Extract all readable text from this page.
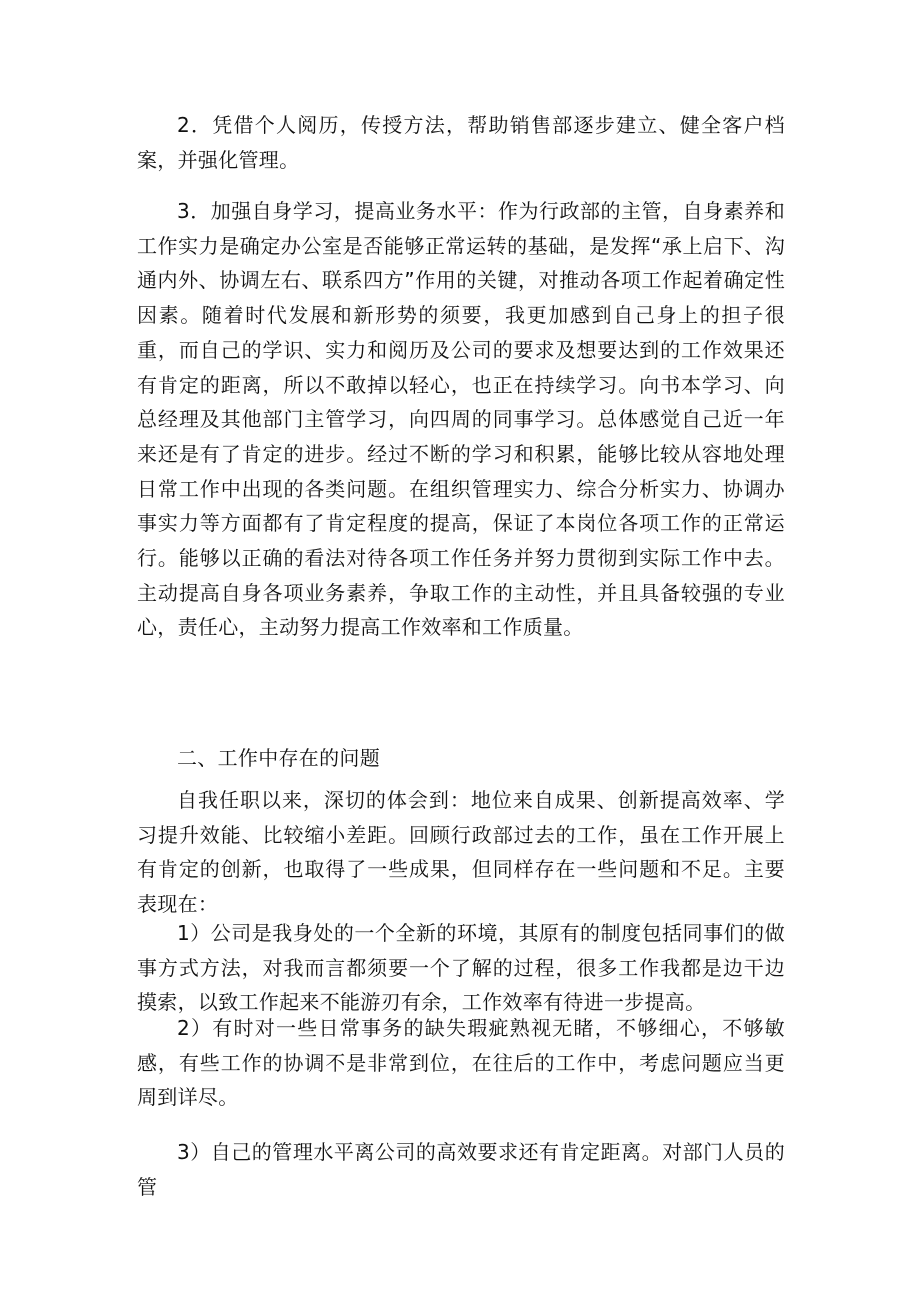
2．凭借个人阅历，传授方法，帮助销售部逐步建立、健全客户档案，并强化管理。

3．加强自身学习，提高业务水平：作为行政部的主管，自身素养和工作实力是确定办公室是否能够正常运转的基础，是发挥“承上启下、沟通内外、协调左右、联系四方”作用的关键，对推动各项工作起着确定性因素。随着时代发展和新形势的须要，我更加感到自己身上的担子很重，而自己的学识、实力和阅历及公司的要求及想要达到的工作效果还有肯定的距离，所以不敢掉以轻心，也正在持续学习。向书本学习、向总经理及其他部门主管学习，向四周的同事学习。总体感觉自己近一年来还是有了肯定的进步。经过不断的学习和积累，能够比较从容地处理日常工作中出现的各类问题。在组织管理实力、综合分析实力、协调办事实力等方面都有了肯定程度的提高，保证了本岗位各项工作的正常运行。能够以正确的看法对待各项工作任务并努力贯彻到实际工作中去。主动提高自身各项业务素养，争取工作的主动性，并且具备较强的专业心，责任心，主动努力提高工作效率和工作质量。

二、工作中存在的问题

自我任职以来，深切的体会到：地位来自成果、创新提高效率、学习提升效能、比较缩小差距。回顾行政部过去的工作，虽在工作开展上有肯定的创新，也取得了一些成果，但同样存在一些问题和不足。主要表现在：

1）公司是我身处的一个全新的环境，其原有的制度包括同事们的做事方式方法，对我而言都须要一个了解的过程，很多工作我都是边干边摸索，以致工作起来不能游刃有余，工作效率有待进一步提高。

2）有时对一些日常事务的缺失瑕疵熟视无睹，不够细心，不够敏感，有些工作的协调不是非常到位，在往后的工作中，考虑问题应当更周到详尽。

3）自己的管理水平离公司的高效要求还有肯定距离。对部门人员的管
